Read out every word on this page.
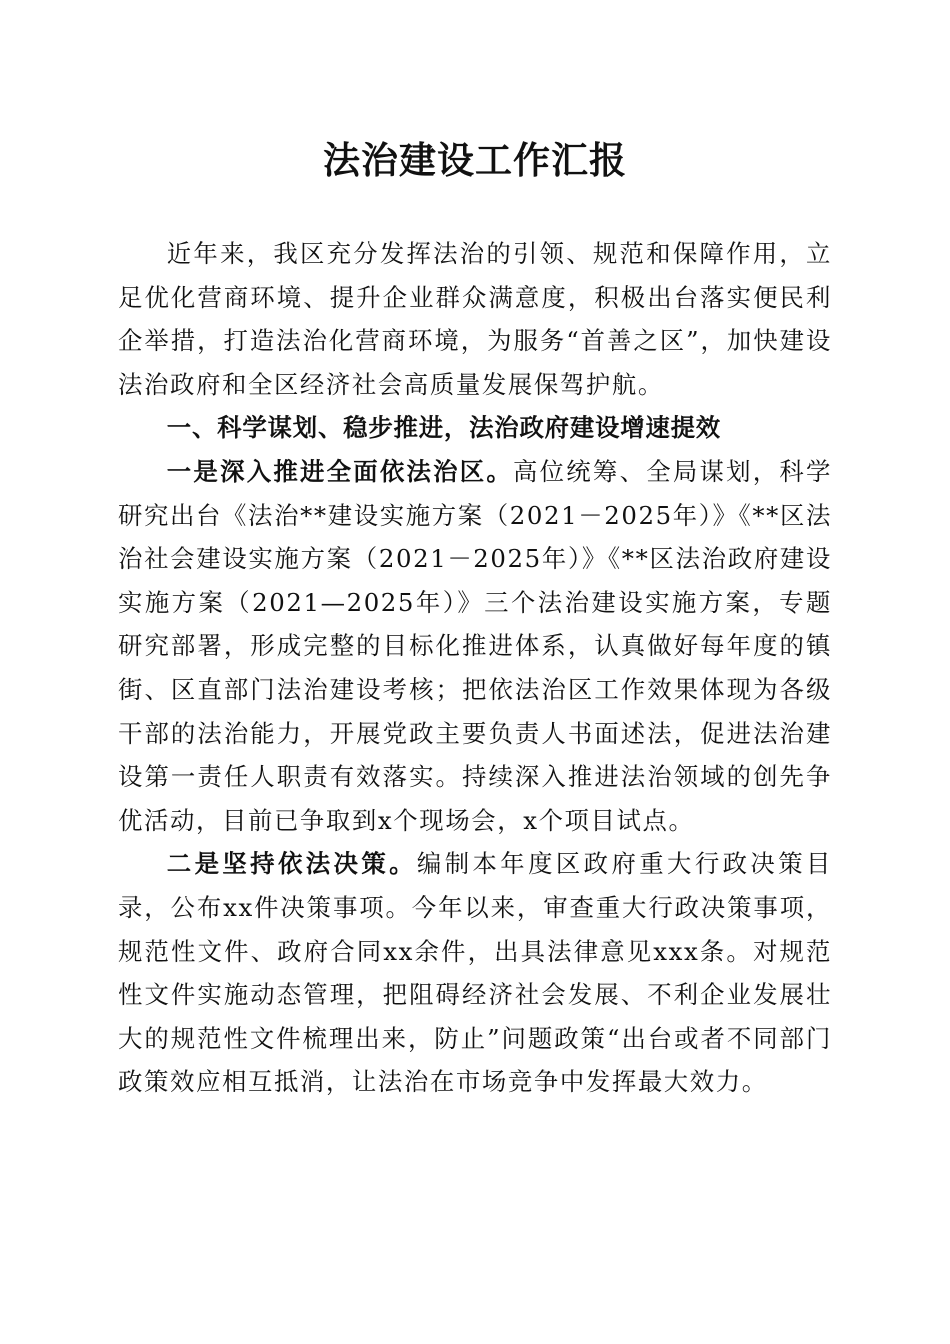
法治建设工作汇报

近年来，我区充分发挥法治的引领、规范和保障作用，立足优化营商环境、提升企业群众满意度，积极出台落实便民利企举措，打造法治化营商环境，为服务“首善之区”，加快建设法治政府和全区经济社会高质量发展保驾护航。

一、科学谋划、稳步推进，法治政府建设增速提效

一是深入推进全面依法治区。高位统筹、全局谋划，科学研究出台《法治**建设实施方案（2021－2025年）》《**区法治社会建设实施方案（2021－2025年）》《**区法治政府建设实施方案（2021—2025年）》三个法治建设实施方案，专题研究部署，形成完整的目标化推进体系，认真做好每年度的镇街、区直部门法治建设考核；把依法治区工作效果体现为各级干部的法治能力，开展党政主要负责人书面述法，促进法治建设第一责任人职责有效落实。持续深入推进法治领域的创先争优活动，目前已争取到x个现场会，x个项目试点。

二是坚持依法决策。编制本年度区政府重大行政决策目录，公布xx件决策事项。今年以来，审查重大行政决策事项，规范性文件、政府合同xx余件，出具法律意见xxx条。对规范性文件实施动态管理，把阻碍经济社会发展、不利企业发展壮大的规范性文件梳理出来，防止”问题政策“出台或者不同部门政策效应相互抵消，让法治在市场竞争中发挥最大效力。
